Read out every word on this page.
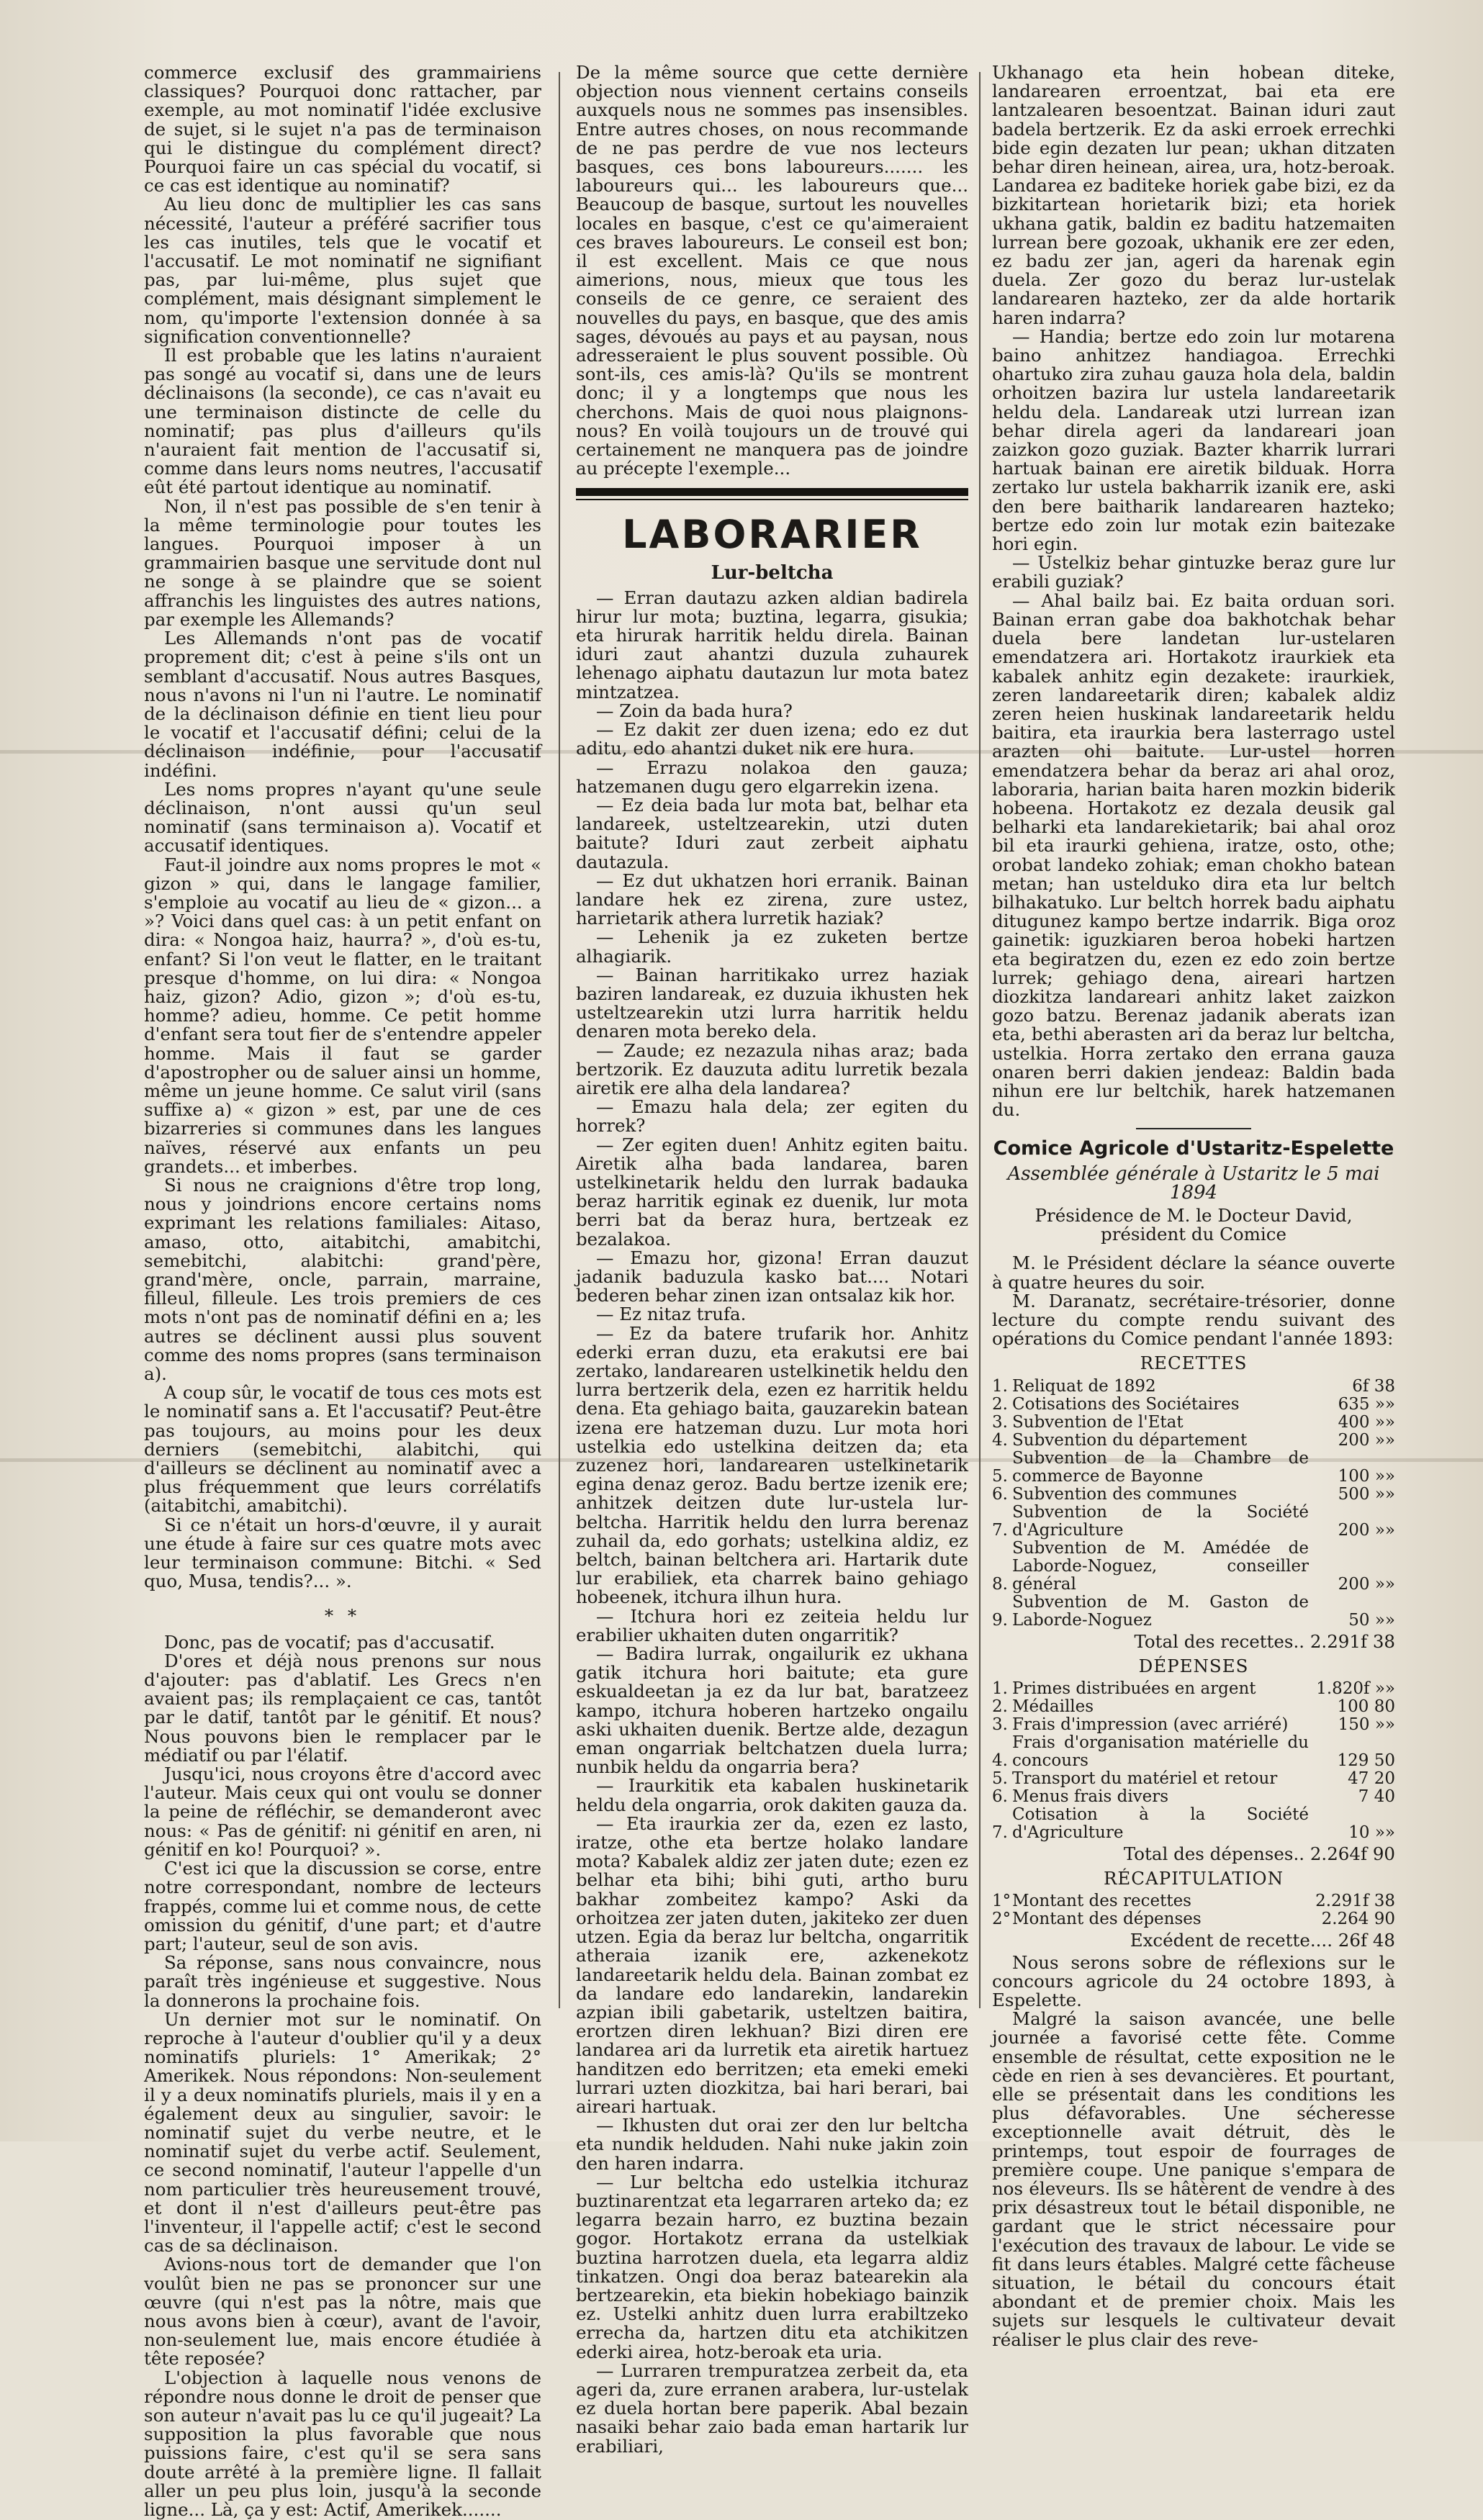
commerce exclusif des grammairiens classiques? Pourquoi donc rattacher, par exemple, au mot nominatif l'idée exclusive de sujet, si le sujet n'a pas de terminaison qui le distingue du complément direct? Pourquoi faire un cas spécial du vocatif, si ce cas est identique au nominatif?

Au lieu donc de multiplier les cas sans nécessité, l'auteur a préféré sacrifier tous les cas inutiles, tels que le vocatif et l'accusatif. Le mot nominatif ne signifiant pas, par lui-même, plus sujet que complément, mais désignant simplement le nom, qu'importe l'extension donnée à sa signification conventionnelle?

Il est probable que les latins n'auraient pas songé au vocatif si, dans une de leurs déclinaisons (la seconde), ce cas n'avait eu une terminaison distincte de celle du nominatif; pas plus d'ailleurs qu'ils n'auraient fait mention de l'accusatif si, comme dans leurs noms neutres, l'accusatif eût été partout identique au nominatif.

Non, il n'est pas possible de s'en tenir à la même terminologie pour toutes les langues. Pourquoi imposer à un grammairien basque une servitude dont nul ne songe à se plaindre que se soient affranchis les linguistes des autres nations, par exemple les Allemands?

Les Allemands n'ont pas de vocatif proprement dit; c'est à peine s'ils ont un semblant d'accusatif. Nous autres Basques, nous n'avons ni l'un ni l'autre. Le nominatif de la déclinaison définie en tient lieu pour le vocatif et l'accusatif défini; celui de la déclinaison indéfinie, pour l'accusatif indéfini.

Les noms propres n'ayant qu'une seule déclinaison, n'ont aussi qu'un seul nominatif (sans terminaison a). Vocatif et accusatif identiques.

Faut-il joindre aux noms propres le mot « gizon » qui, dans le langage familier, s'emploie au vocatif au lieu de « gizon... a »? Voici dans quel cas: à un petit enfant on dira: « Nongoa haiz, haurra? », d'où es-tu, enfant? Si l'on veut le flatter, en le traitant presque d'homme, on lui dira: « Nongoa haiz, gizon? Adio, gizon »; d'où es-tu, homme? adieu, homme. Ce petit homme d'enfant sera tout fier de s'entendre appeler homme. Mais il faut se garder d'apostropher ou de saluer ainsi un homme, même un jeune homme. Ce salut viril (sans suffixe a) « gizon » est, par une de ces bizarreries si communes dans les langues naïves, réservé aux enfants un peu grandets... et imberbes.

Si nous ne craignions d'être trop long, nous y joindrions encore certains noms exprimant les relations familiales: Aitaso, amaso, otto, aitabitchi, amabitchi, semebitchi, alabitchi: grand'père, grand'mère, oncle, parrain, marraine, filleul, filleule. Les trois premiers de ces mots n'ont pas de nominatif défini en a; les autres se déclinent aussi plus souvent comme des noms propres (sans terminaison a).

A coup sûr, le vocatif de tous ces mots est le nominatif sans a. Et l'accusatif? Peut-être pas toujours, au moins pour les deux derniers (semebitchi, alabitchi, qui d'ailleurs se déclinent au nominatif avec a plus fréquemment que leurs corrélatifs (aitabitchi, amabitchi).

Si ce n'était un hors-d'œuvre, il y aurait une étude à faire sur ces quatre mots avec leur terminaison commune: Bitchi. « Sed quo, Musa, tendis?... ».

* *

Donc, pas de vocatif; pas d'accusatif.

D'ores et déjà nous prenons sur nous d'ajouter: pas d'ablatif. Les Grecs n'en avaient pas; ils remplaçaient ce cas, tantôt par le datif, tantôt par le génitif. Et nous? Nous pouvons bien le remplacer par le médiatif ou par l'élatif.

Jusqu'ici, nous croyons être d'accord avec l'auteur. Mais ceux qui ont voulu se donner la peine de réfléchir, se demanderont avec nous: « Pas de génitif: ni génitif en aren, ni génitif en ko! Pourquoi? ».

C'est ici que la discussion se corse, entre notre correspondant, nombre de lecteurs frappés, comme lui et comme nous, de cette omission du génitif, d'une part; et d'autre part; l'auteur, seul de son avis.

Sa réponse, sans nous convaincre, nous paraît très ingénieuse et suggestive. Nous la donnerons la prochaine fois.

Un dernier mot sur le nominatif. On reproche à l'auteur d'oublier qu'il y a deux nominatifs pluriels: 1° Amerikak; 2° Amerikek. Nous répondons: Non-seulement il y a deux nominatifs pluriels, mais il y en a également deux au singulier, savoir: le nominatif sujet du verbe neutre, et le nominatif sujet du verbe actif. Seulement, ce second nominatif, l'auteur l'appelle d'un nom particulier très heureusement trouvé, et dont il n'est d'ailleurs peut-être pas l'inventeur, il l'appelle actif; c'est le second cas de sa déclinaison.

Avions-nous tort de demander que l'on voulût bien ne pas se prononcer sur une œuvre (qui n'est pas la nôtre, mais que nous avons bien à cœur), avant de l'avoir, non-seulement lue, mais encore étudiée à tête reposée?

L'objection à laquelle nous venons de répondre nous donne le droit de penser que son auteur n'avait pas lu ce qu'il jugeait? La supposition la plus favorable que nous puissions faire, c'est qu'il se sera sans doute arrêté à la première ligne. Il fallait aller un peu plus loin, jusqu'à la seconde ligne... Là, ça y est: Actif, Amerikek.......

De la même source que cette dernière objection nous viennent certains conseils auxquels nous ne sommes pas insensibles. Entre autres choses, on nous recommande de ne pas perdre de vue nos lecteurs basques, ces bons laboureurs....... les laboureurs qui... les laboureurs que... Beaucoup de basque, surtout les nouvelles locales en basque, c'est ce qu'aimeraient ces braves laboureurs. Le conseil est bon; il est excellent. Mais ce que nous aimerions, nous, mieux que tous les conseils de ce genre, ce seraient des nouvelles du pays, en basque, que des amis sages, dévoués au pays et au paysan, nous adresseraient le plus souvent possible. Où sont-ils, ces amis-là? Qu'ils se montrent donc; il y a longtemps que nous les cherchons. Mais de quoi nous plaignons-nous? En voilà toujours un de trouvé qui certainement ne manquera pas de joindre au précepte l'exemple...

LABORARIER
Lur-beltcha

— Erran dautazu azken aldian badirela hirur lur mota; buztina, legarra, gisukia; eta hirurak harritik heldu direla. Bainan iduri zaut ahantzi duzula zuhaurek lehenago aiphatu dautazun lur mota batez mintzatzea.

— Zoin da bada hura?

— Ez dakit zer duen izena; edo ez dut aditu, edo ahantzi duket nik ere hura.

— Errazu nolakoa den gauza; hatzemanen dugu gero elgarrekin izena.

— Ez deia bada lur mota bat, belhar eta landareek, usteltzearekin, utzi duten baitute? Iduri zaut zerbeit aiphatu dautazula.

— Ez dut ukhatzen hori erranik. Bainan landare hek ez zirena, zure ustez, harrietarik athera lurretik haziak?

— Lehenik ja ez zuketen bertze alhagiarik.

— Bainan harritikako urrez haziak baziren landareak, ez duzuia ikhusten hek usteltzearekin utzi lurra harritik heldu denaren mota bereko dela.

— Zaude; ez nezazula nihas araz; bada bertzorik. Ez dauzuta aditu lurretik bezala airetik ere alha dela landarea?

— Emazu hala dela; zer egiten du horrek?

— Zer egiten duen! Anhitz egiten baitu. Airetik alha bada landarea, baren ustelkinetarik heldu den lurrak badauka beraz harritik eginak ez duenik, lur mota berri bat da beraz hura, bertzeak ez bezalakoa.

— Emazu hor, gizona! Erran dauzut jadanik baduzula kasko bat.... Notari bederen behar zinen izan ontsalaz kik hor.

— Ez nitaz trufa.

— Ez da batere trufarik hor. Anhitz ederki erran duzu, eta erakutsi ere bai zertako, landarearen ustelkinetik heldu den lurra bertzerik dela, ezen ez harritik heldu dena. Eta gehiago baita, gauzarekin batean izena ere hatzeman duzu. Lur mota hori ustelkia edo ustelkina deitzen da; eta zuzenez hori, landarearen ustelkinetarik egina denaz geroz. Badu bertze izenik ere; anhitzek deitzen dute lur-ustela lur-beltcha. Harritik heldu den lurra berenaz zuhail da, edo gorhats; ustelkina aldiz, ez beltch, bainan beltchera ari. Hartarik dute lur erabiliek, eta charrek baino gehiago hobeenek, itchura ilhun hura.

— Itchura hori ez zeiteia heldu lur erabilier ukhaiten duten ongarritik?

— Badira lurrak, ongailurik ez ukhana gatik itchura hori baitute; eta gure eskualdeetan ja ez da lur bat, baratzeez kampo, itchura hoberen hartzeko ongailu aski ukhaiten duenik. Bertze alde, dezagun eman ongarriak beltchatzen duela lurra; nunbik heldu da ongarria bera?

— Iraurkitik eta kabalen huskinetarik heldu dela ongarria, orok dakiten gauza da.

— Eta iraurkia zer da, ezen ez lasto, iratze, othe eta bertze holako landare mota? Kabalek aldiz zer jaten dute; ezen ez belhar eta bihi; bihi guti, artho buru bakhar zombeitez kampo? Aski da orhoitzea zer jaten duten, jakiteko zer duen utzen. Egia da beraz lur beltcha, ongarritik atheraia izanik ere, azkenekotz landareetarik heldu dela. Bainan zombat ez da landare edo landarekin, landarekin azpian ibili gabetarik, usteltzen baitira, erortzen diren lekhuan? Bizi diren ere landarea ari da lurretik eta airetik hartuez handitzen edo berritzen; eta emeki emeki lurrari uzten diozkitza, bai hari berari, bai aireari hartuak.

— Ikhusten dut orai zer den lur beltcha eta nundik helduden. Nahi nuke jakin zoin den haren indarra.

— Lur beltcha edo ustelkia itchuraz buztinarentzat eta legarraren arteko da; ez legarra bezain harro, ez buztina bezain gogor. Hortakotz errana da ustelkiak buztina harrotzen duela, eta legarra aldiz tinkatzen. Ongi doa beraz batearekin ala bertzearekin, eta biekin hobekiago bainzik ez. Ustelki anhitz duen lurra erabiltzeko errecha da, hartzen ditu eta atchikitzen ederki airea, hotz-beroak eta uria.

— Lurraren trempuratzea zerbeit da, eta ageri da, zure erranen arabera, lur-ustelak ez duela hortan bere paperik. Abal bezain nasaiki behar zaio bada eman hartarik lur erabiliari,

Ukhanago eta hein hobean diteke, landarearen erroentzat, bai eta ere lantzalearen besoentzat. Bainan iduri zaut badela bertzerik. Ez da aski erroek errechki bide egin dezaten lur pean; ukhan ditzaten behar diren heinean, airea, ura, hotz-beroak. Landarea ez baditeke horiek gabe bizi, ez da bizkitartean horietarik bizi; eta horiek ukhana gatik, baldin ez baditu hatzemaiten lurrean bere gozoak, ukhanik ere zer eden, ez badu zer jan, ageri da harenak egin duela. Zer gozo du beraz lur-ustelak landarearen hazteko, zer da alde hortarik haren indarra?

— Handia; bertze edo zoin lur motarena baino anhitzez handiagoa. Errechki ohartuko zira zuhau gauza hola dela, baldin orhoitzen bazira lur ustela landareetarik heldu dela. Landareak utzi lurrean izan behar direla ageri da landareari joan zaizkon gozo guziak. Bazter kharrik lurrari hartuak bainan ere airetik bilduak. Horra zertako lur ustela bakharrik izanik ere, aski den bere baitharik landarearen hazteko; bertze edo zoin lur motak ezin baitezake hori egin.

— Ustelkiz behar gintuzke beraz gure lur erabili guziak?

— Ahal bailz bai. Ez baita orduan sori. Bainan erran gabe doa bakhotchak behar duela bere landetan lur-ustelaren emendatzera ari. Hortakotz iraurkiek eta kabalek anhitz egin dezakete: iraurkiek, zeren landareetarik diren; kabalek aldiz zeren heien huskinak landareetarik heldu baitira, eta iraurkia bera lasterrago ustel arazten ohi baitute. Lur-ustel horren emendatzera behar da beraz ari ahal oroz, laboraria, harian baita haren mozkin biderik hobeena. Hortakotz ez dezala deusik gal belharki eta landarekietarik; bai ahal oroz bil eta iraurki gehiena, iratze, osto, othe; orobat landeko zohiak; eman chokho batean metan; han ustelduko dira eta lur beltch bilhakatuko. Lur beltch horrek badu aiphatu ditugunez kampo bertze indarrik. Biga oroz gainetik: iguzkiaren beroa hobeki hartzen eta begiratzen du, ezen ez edo zoin bertze lurrek; gehiago dena, aireari hartzen diozkitza landareari anhitz laket zaizkon gozo batzu. Berenaz jadanik aberats izan eta, bethi aberasten ari da beraz lur beltcha, ustelkia. Horra zertako den errana gauza onaren berri dakien jendeaz: Baldin bada nihun ere lur beltchik, harek hatzemanen du.

Comice Agricole d'Ustaritz-Espelette
Assemblée générale à Ustaritz le 5 mai 1894

Présidence de M. le Docteur David, président du Comice

M. le Président déclare la séance ouverte à quatre heures du soir.

M. Daranatz, secrétaire-trésorier, donne lecture du compte rendu suivant des opérations du Comice pendant l'année 1893:

RECETTES

1.	Reliquat de 1892	6f 38
2.	Cotisations des Sociétaires	635 »»
3.	Subvention de l'Etat	400 »»
4.	Subvention du département	200 »»
5.	Subvention de la Chambre de commerce de Bayonne	100 »»
6.	Subvention des communes	500 »»
7.	Subvention de la Société d'Agriculture	200 »»
8.	Subvention de M. Amédée de Laborde-Noguez, conseiller général	200 »»
9.	Subvention de M. Gaston de Laborde-Noguez	50 »»

Total des recettes.. 2.291f 38

DÉPENSES

1.	Primes distribuées en argent	1.820f »»
2.	Médailles	100 80
3.	Frais d'impression (avec arriéré)	150 »»
4.	Frais d'organisation matérielle du concours	129 50
5.	Transport du matériel et retour	47 20
6.	Menus frais divers	7 40
7.	Cotisation à la Société d'Agriculture	10 »»

Total des dépenses.. 2.264f 90

RÉCAPITULATION

1°	Montant des recettes	2.291f 38
2°	Montant des dépenses	2.264 90

Excédent de recette.... 26f 48

Nous serons sobre de réflexions sur le concours agricole du 24 octobre 1893, à Espelette.

Malgré la saison avancée, une belle journée a favorisé cette fête. Comme ensemble de résultat, cette exposition ne le cède en rien à ses devancières. Et pourtant, elle se présentait dans les conditions les plus défavorables. Une sécheresse exceptionnelle avait détruit, dès le printemps, tout espoir de fourrages de première coupe. Une panique s'empara de nos éleveurs. Ils se hâtèrent de vendre à des prix désastreux tout le bétail disponible, ne gardant que le strict nécessaire pour l'exécution des travaux de labour. Le vide se fit dans leurs étables. Malgré cette fâcheuse situation, le bétail du concours était abondant et de premier choix. Mais les sujets sur lesquels le cultivateur devait réaliser le plus clair des reve-
